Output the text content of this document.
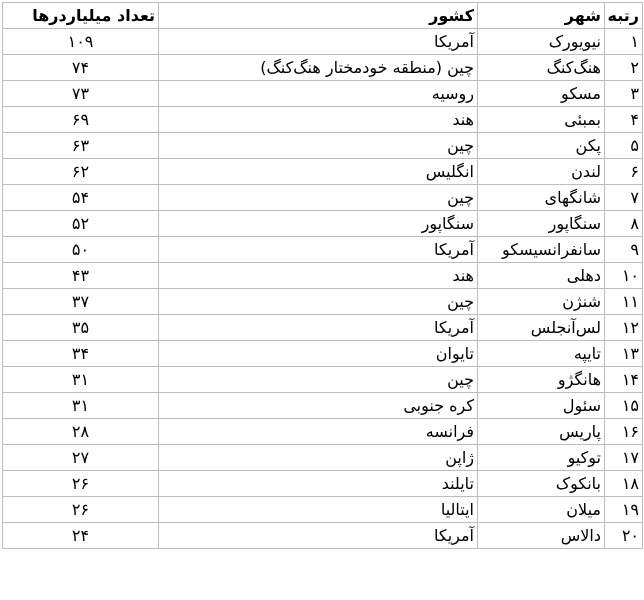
رتبه	شهر	کشور	تعداد میلیاردرها
۱	نیویورک	آمریکا	۱۰۹
۲	هنگ‌کنگ	چین (منطقه خودمختار هنگ‌کنگ)	۷۴
۳	مسکو	روسیه	۷۳
۴	بمبئی	هند	۶۹
۵	پکن	چین	۶۳
۶	لندن	انگلیس	۶۲
۷	شانگهای	چین	۵۴
۸	سنگاپور	سنگاپور	۵۲
۹	سانفرانسیسکو	آمریکا	۵۰
۱۰	دهلی	هند	۴۳
۱۱	شنژن	چین	۳۷
۱۲	لس‌آنجلس	آمریکا	۳۵
۱۳	تایپه	تایوان	۳۴
۱۴	هانگژو	چین	۳۱
۱۵	سئول	کره جنوبی	۳۱
۱۶	پاریس	فرانسه	۲۸
۱۷	توکیو	ژاپن	۲۷
۱۸	بانکوک	تایلند	۲۶
۱۹	میلان	ایتالیا	۲۶
۲۰	دالاس	آمریکا	۲۴
